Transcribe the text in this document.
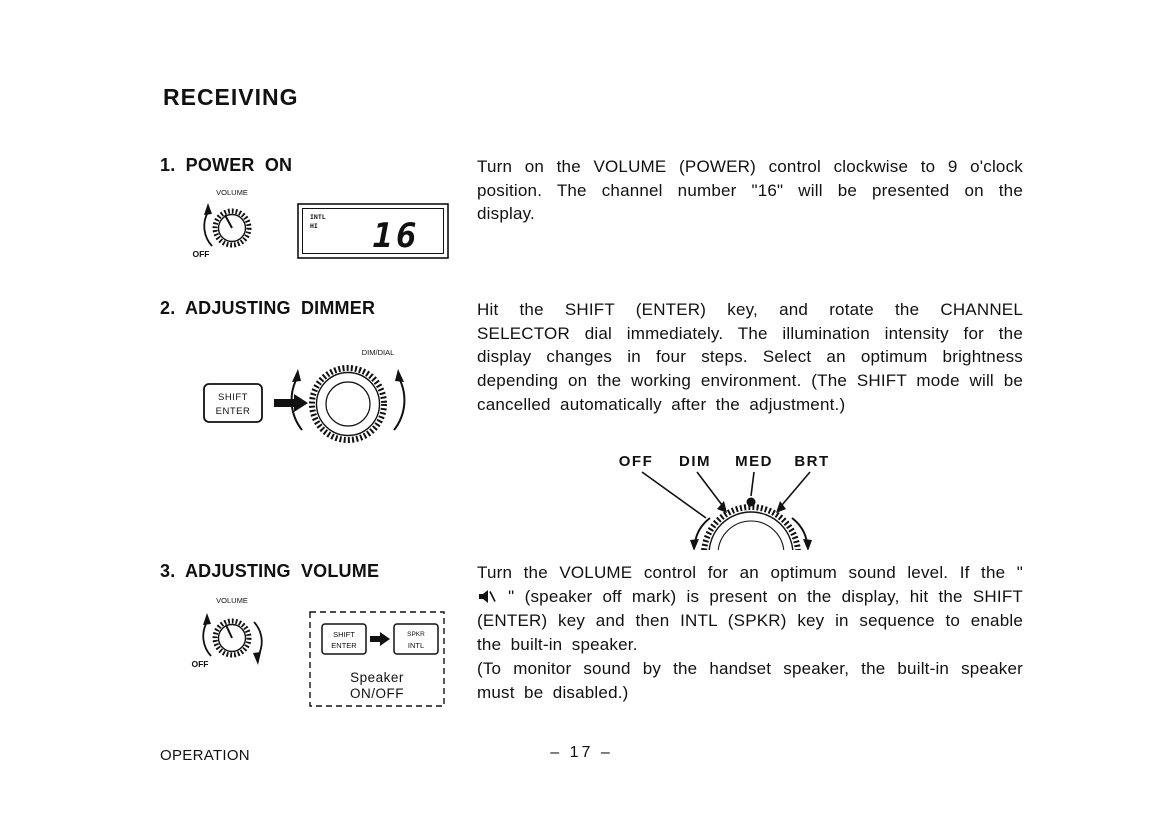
RECEIVING
1. POWER ON	Turn on the VOLUME (POWER) control clockwise to 9 o'clock position. The channel number "16" will be presented on the display.

VOLUME
OFF
INTL
HI 16
2. ADJUSTING DIMMER	Hit the SHIFT (ENTER) key, and rotate the CHANNEL SELECTOR dial immediately. The illumination intensity for the display changes in four steps. Select an optimum brightness depending on the working environment. (The SHIFT mode will be cancelled automatically after the adjustment.)

SHIFT
ENTER
DIM/DIAL
OFF DIM MED BRT
3. ADJUSTING VOLUME	Turn the VOLUME control for an optimum sound level. If the "  " (speaker off mark) is present on the display, hit the SHIFT (ENTER) key and then INTL (SPKR) key in sequence to enable the built-in speaker.

(To monitor sound by the handset speaker, the built-in speaker must be disabled.)

VOLUME
OFF
SHIFT
ENTER
SPKR
INTL
Speaker
ON/OFF
OPERATION	– 17 –
